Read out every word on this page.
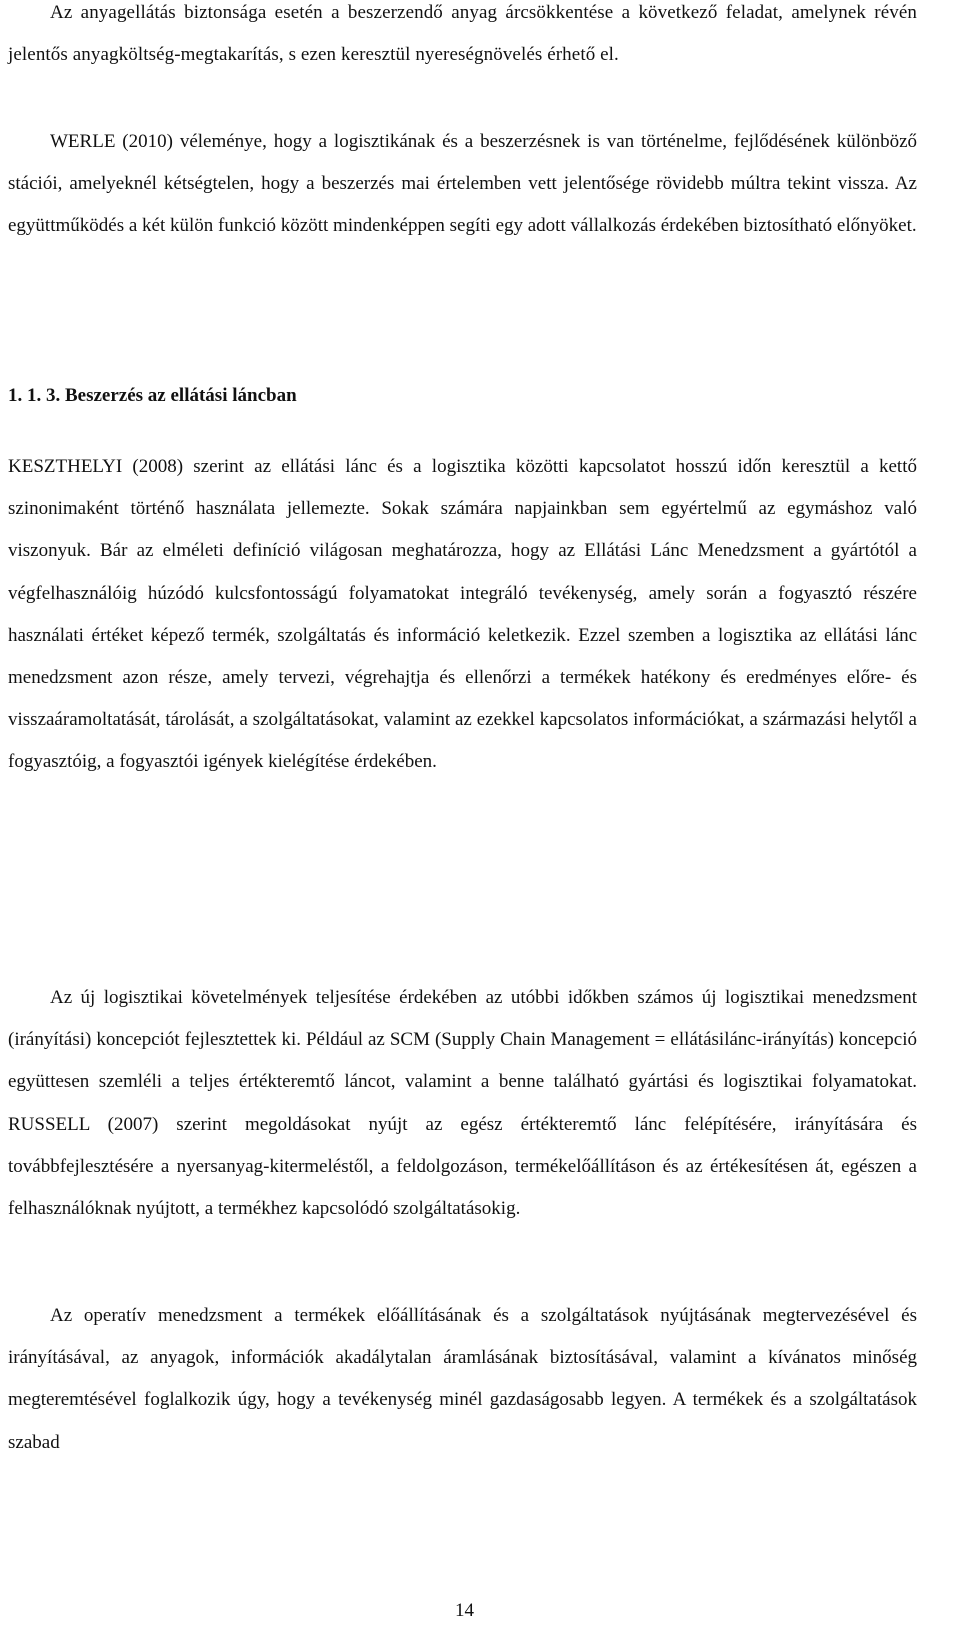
Az anyagellátás biztonsága esetén a beszerzendő anyag árcsökkentése a következő feladat, amelynek révén jelentős anyagköltség-megtakarítás, s ezen keresztül nyereségnövelés érhető el.

WERLE (2010) véleménye, hogy a logisztikának és a beszerzésnek is van történelme, fejlődésének különböző stációi, amelyeknél kétségtelen, hogy a beszerzés mai értelemben vett jelentősége rövidebb múltra tekint vissza. Az együttműködés a két külön funkció között mindenképpen segíti egy adott vállalkozás érdekében biztosítható előnyöket.

1. 1. 3. Beszerzés az ellátási láncban

KESZTHELYI (2008) szerint az ellátási lánc és a logisztika közötti kapcsolatot hosszú időn keresztül a kettő szinonimaként történő használata jellemezte. Sokak számára napjainkban sem egyértelmű az egymáshoz való viszonyuk. Bár az elméleti definíció világosan meghatározza, hogy az Ellátási Lánc Menedzsment a gyártótól a végfelhasználóig húzódó kulcsfontosságú folyamatokat integráló tevékenység, amely során a fogyasztó részére használati értéket képező termék, szolgáltatás és információ keletkezik. Ezzel szemben a logisztika az ellátási lánc menedzsment azon része, amely tervezi, végrehajtja és ellenőrzi a termékek hatékony és eredményes előre- és visszaáramoltatását, tárolását, a szolgáltatásokat, valamint az ezekkel kapcsolatos információkat, a származási helytől a fogyasztóig, a fogyasztói igények kielégítése érdekében.

Az új logisztikai követelmények teljesítése érdekében az utóbbi időkben számos új logisztikai menedzsment (irányítási) koncepciót fejlesztettek ki. Például az SCM (Supply Chain Management = ellátásilánc-irányítás) koncepció együttesen szemléli a teljes értékteremtő láncot, valamint a benne található gyártási és logisztikai folyamatokat. RUSSELL (2007) szerint megoldásokat nyújt az egész értékteremtő lánc felépítésére, irányítására és továbbfejlesztésére a nyersanyag-kitermeléstől, a feldolgozáson, termékelőállításon és az értékesítésen át, egészen a felhasználóknak nyújtott, a termékhez kapcsolódó szolgáltatásokig.

Az operatív menedzsment a termékek előállításának és a szolgáltatások nyújtásának megtervezésével és irányításával, az anyagok, információk akadálytalan áramlásának biztosításával, valamint a kívánatos minőség megteremtésével foglalkozik úgy, hogy a tevékenység minél gazdaságosabb legyen. A termékek és a szolgáltatások szabad

14
